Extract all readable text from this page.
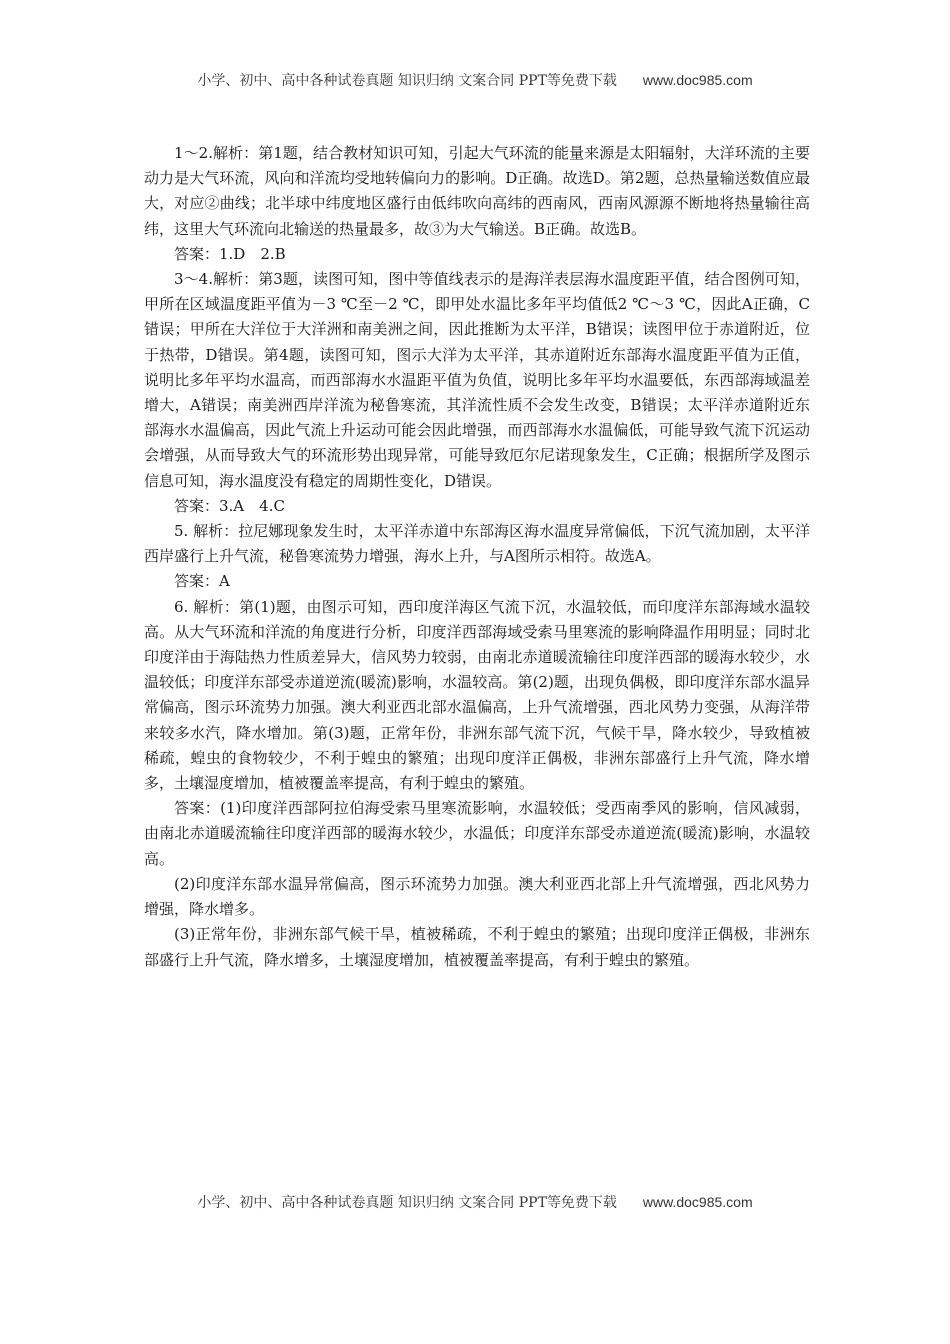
小学、初中、高中各种试卷真题 知识归纳 文案合同 PPT等免费下载 www.doc985.com

1～2.解析：第1题，结合教材知识可知，引起大气环流的能量来源是太阳辐射，大洋环流的主要动力是大气环流，风向和洋流均受地转偏向力的影响。D正确。故选D。第2题，总热量输送数值应最大，对应②曲线；北半球中纬度地区盛行由低纬吹向高纬的西南风，西南风源源不断地将热量输往高纬，这里大气环流向北输送的热量最多，故③为大气输送。B正确。故选B。

答案：1.D　2.B

3～4.解析：第3题，读图可知，图中等值线表示的是海洋表层海水温度距平值，结合图例可知，甲所在区域温度距平值为－3 ℃至－2 ℃，即甲处水温比多年平均值低2 ℃～3 ℃，因此A正确，C错误；甲所在大洋位于大洋洲和南美洲之间，因此推断为太平洋，B错误；读图甲位于赤道附近，位于热带，D错误。第4题，读图可知，图示大洋为太平洋，其赤道附近东部海水温度距平值为正值，说明比多年平均水温高，而西部海水水温距平值为负值，说明比多年平均水温要低，东西部海域温差增大，A错误；南美洲西岸洋流为秘鲁寒流，其洋流性质不会发生改变，B错误；太平洋赤道附近东部海水水温偏高，因此气流上升运动可能会因此增强，而西部海水水温偏低，可能导致气流下沉运动会增强，从而导致大气的环流形势出现异常，可能导致厄尔尼诺现象发生，C正确；根据所学及图示信息可知，海水温度没有稳定的周期性变化，D错误。

答案：3.A　4.C

5. 解析：拉尼娜现象发生时，太平洋赤道中东部海区海水温度异常偏低，下沉气流加剧，太平洋西岸盛行上升气流，秘鲁寒流势力增强，海水上升，与A图所示相符。故选A。

答案：A

6. 解析：第(1)题，由图示可知，西印度洋海区气流下沉，水温较低，而印度洋东部海域水温较高。从大气环流和洋流的角度进行分析，印度洋西部海域受索马里寒流的影响降温作用明显；同时北印度洋由于海陆热力性质差异大，信风势力较弱，由南北赤道暖流输往印度洋西部的暖海水较少，水温较低；印度洋东部受赤道逆流(暖流)影响，水温较高。第(2)题，出现负偶极，即印度洋东部水温异常偏高，图示环流势力加强。澳大利亚西北部水温偏高，上升气流增强，西北风势力变强，从海洋带来较多水汽，降水增加。第(3)题，正常年份，非洲东部气流下沉，气候干旱，降水较少，导致植被稀疏，蝗虫的食物较少，不利于蝗虫的繁殖；出现印度洋正偶极，非洲东部盛行上升气流，降水增多，土壤湿度增加，植被覆盖率提高，有利于蝗虫的繁殖。

答案：(1)印度洋西部阿拉伯海受索马里寒流影响，水温较低；受西南季风的影响，信风减弱，由南北赤道暖流输往印度洋西部的暖海水较少，水温低；印度洋东部受赤道逆流(暖流)影响，水温较高。

(2)印度洋东部水温异常偏高，图示环流势力加强。澳大利亚西北部上升气流增强，西北风势力增强，降水增多。

(3)正常年份，非洲东部气候干旱，植被稀疏，不利于蝗虫的繁殖；出现印度洋正偶极，非洲东部盛行上升气流，降水增多，土壤湿度增加，植被覆盖率提高，有利于蝗虫的繁殖。

小学、初中、高中各种试卷真题 知识归纳 文案合同 PPT等免费下载 www.doc985.com
